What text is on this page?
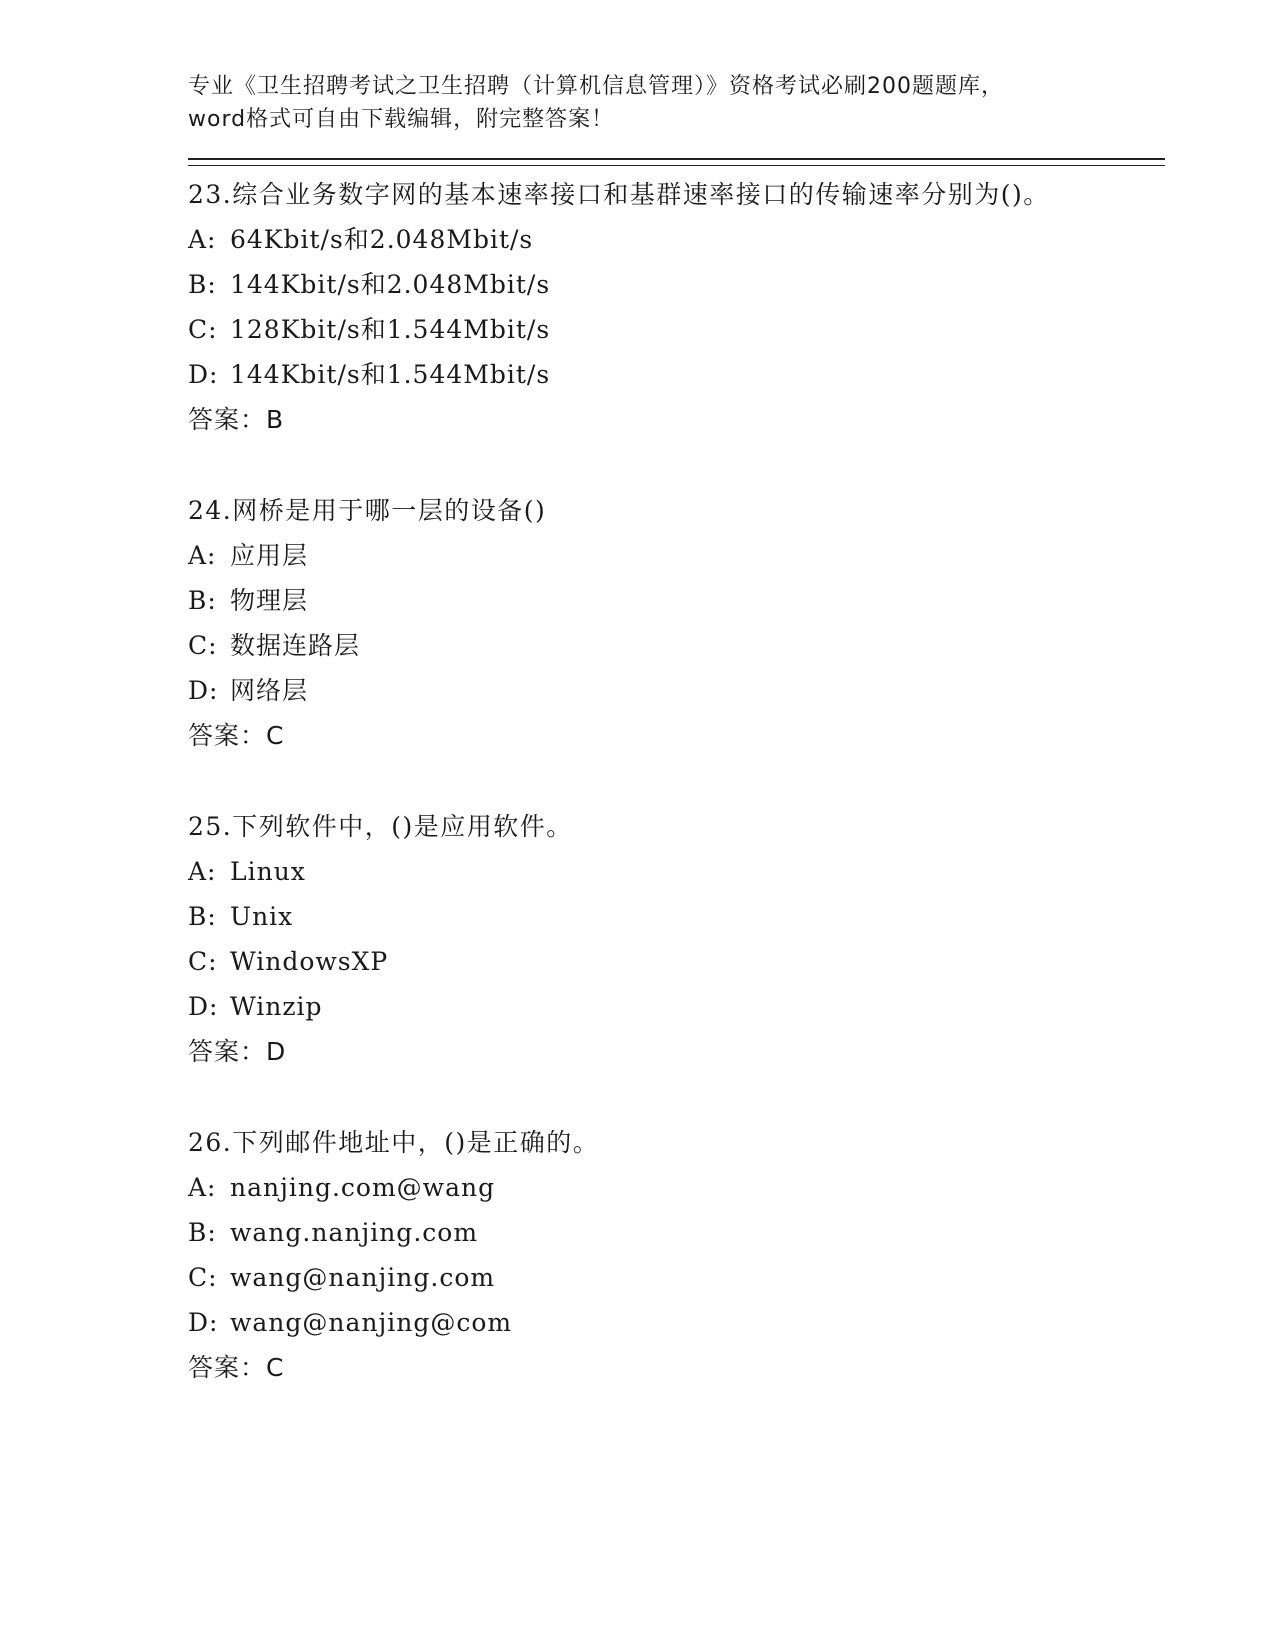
专业《卫生招聘考试之卫生招聘（计算机信息管理）》资格考试必刷200题题库，
word格式可自由下载编辑，附完整答案！
23.综合业务数字网的基本速率接口和基群速率接口的传输速率分别为()。
A: 64Kbit/s和2.048Mbit/s
B: 144Kbit/s和2.048Mbit/s
C: 128Kbit/s和1.544Mbit/s
D: 144Kbit/s和1.544Mbit/s
答案：B
24.网桥是用于哪一层的设备()
A: 应用层
B: 物理层
C: 数据连路层
D: 网络层
答案：C
25.下列软件中，()是应用软件。
A: Linux
B: Unix
C: WindowsXP
D: Winzip
答案：D
26.下列邮件地址中，()是正确的。
A: nanjing.com@wang
B: wang.nanjing.com
C: wang@nanjing.com
D: wang@nanjing@com
答案：C
